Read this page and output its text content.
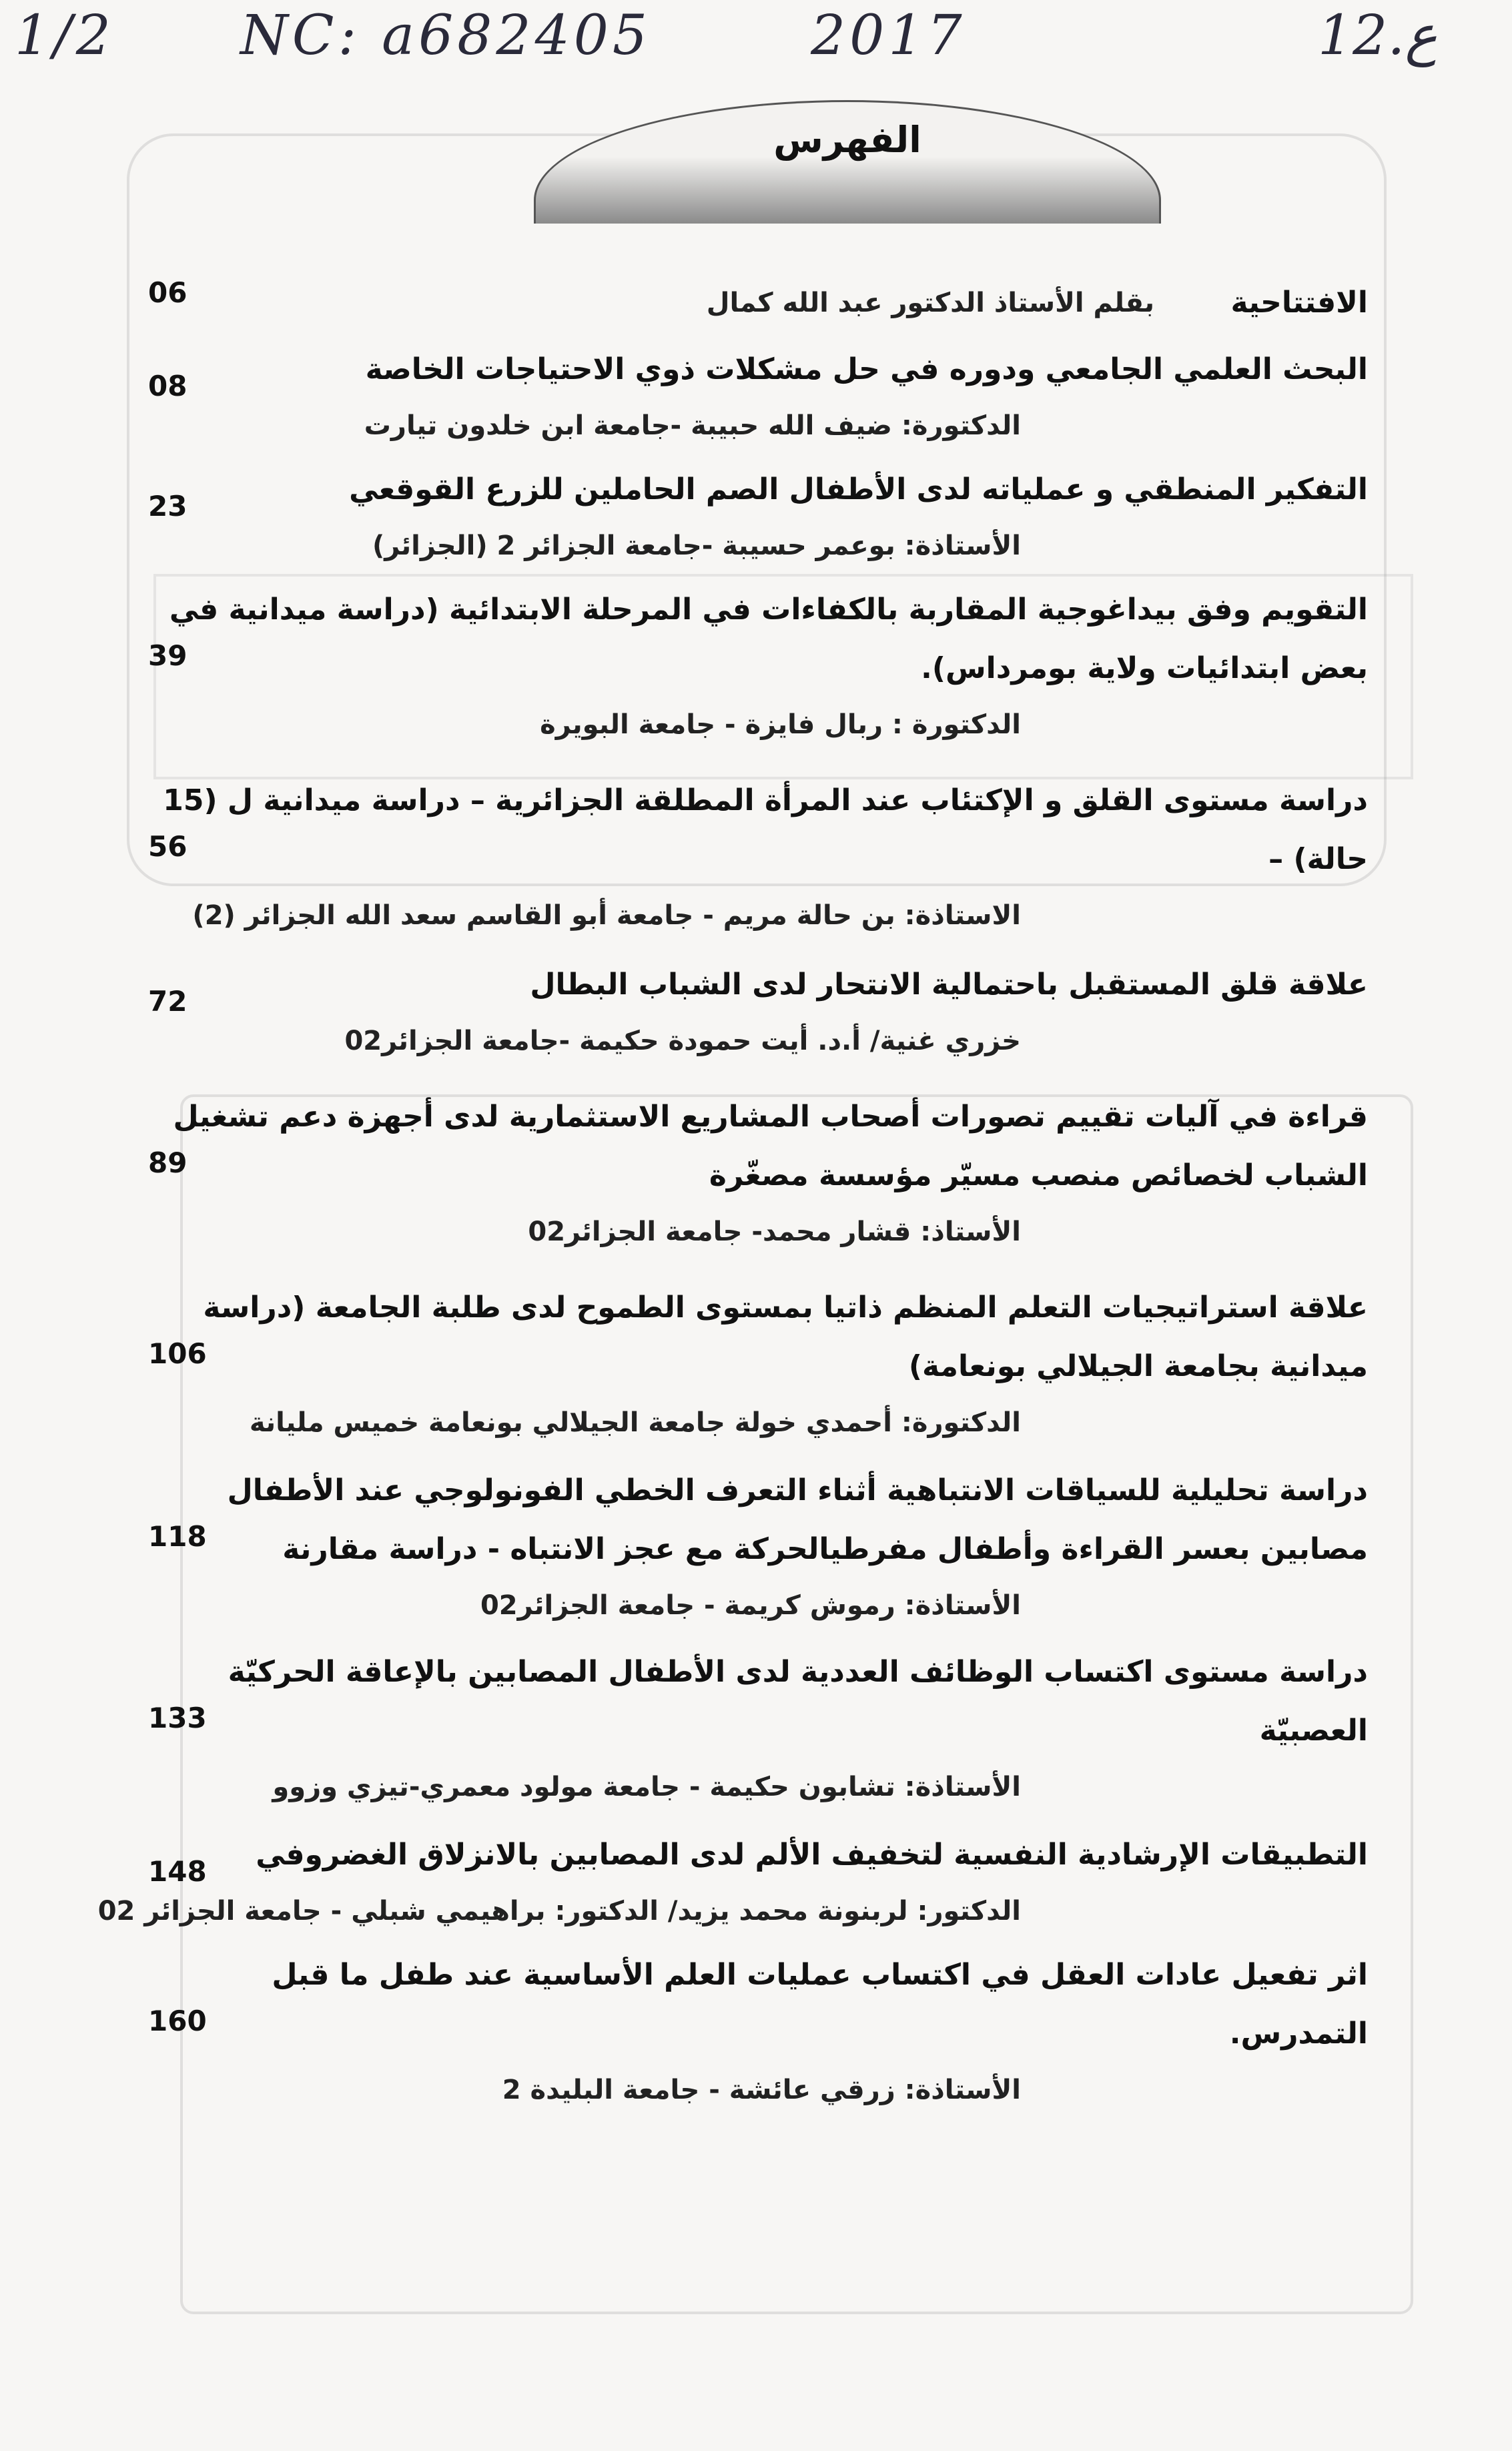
1/2 NC: a682405	2017	12.ع
الفهرس
الافتتاحية
بقلم الأستاذ الدكتور عبد الله كمال
06
البحث العلمي الجامعي ودوره في حل مشكلات ذوي الاحتياجات الخاصة
الدكتورة: ضيف الله حبيبة -جامعة ابن خلدون تيارت
08
التفكير المنطقي و عملياته لدى الأطفال الصم الحاملين للزرع القوقعي
الأستاذة: بوعمر حسيبة -جامعة الجزائر 2 (الجزائر)
23
التقويم وفق بيداغوجية المقاربة بالكفاءات في المرحلة الابتدائية (دراسة ميدانية في
بعض ابتدائيات ولاية بومرداس).
الدكتورة : ربال فايزة - جامعة البويرة
39
دراسة مستوى القلق و الإكتئاب عند المرأة المطلقة الجزائرية – دراسة ميدانية ل (15
حالة) –
الاستاذة: بن حالة مريم - جامعة أبو القاسم سعد الله الجزائر (2)
56
علاقة قلق المستقبل باحتمالية الانتحار لدى الشباب البطال
خزري غنية/ أ.د. أيت حمودة حكيمة -جامعة الجزائر02
72
قراءة في آليات تقييم تصورات أصحاب المشاريع الاستثمارية لدى أجهزة دعم تشغيل
الشباب لخصائص منصب مسيّر مؤسسة مصغّرة
الأستاذ: قشار محمد- جامعة الجزائر02
89
علاقة استراتيجيات التعلم المنظم ذاتيا بمستوى الطموح لدى طلبة الجامعة (دراسة
ميدانية بجامعة الجيلالي بونعامة)
الدكتورة: أحمدي خولة جامعة الجيلالي بونعامة خميس مليانة
106
دراسة تحليلية للسياقات الانتباهية أثناء التعرف الخطي الفونولوجي عند الأطفال
مصابين بعسر القراءة وأطفال مفرطيالحركة مع عجز الانتباه - دراسة مقارنة
الأستاذة: رموش كريمة - جامعة الجزائر02
118
دراسة مستوى اكتساب الوظائف العددية لدى الأطفال المصابين بالإعاقة الحركيّة
العصبيّة
الأستاذة: تشابون حكيمة - جامعة مولود معمري-تيزي وزوو
133
التطبيقات الإرشادية النفسية لتخفيف الألم لدى المصابين بالانزلاق الغضروفي
الدكتور: لربنونة محمد يزيد/ الدكتور: براهيمي شبلي - جامعة الجزائر 02
148
اثر تفعيل عادات العقل في اكتساب عمليات العلم الأساسية عند طفل ما قبل
التمدرس.
الأستاذة: زرقي عائشة - جامعة البليدة 2
160
